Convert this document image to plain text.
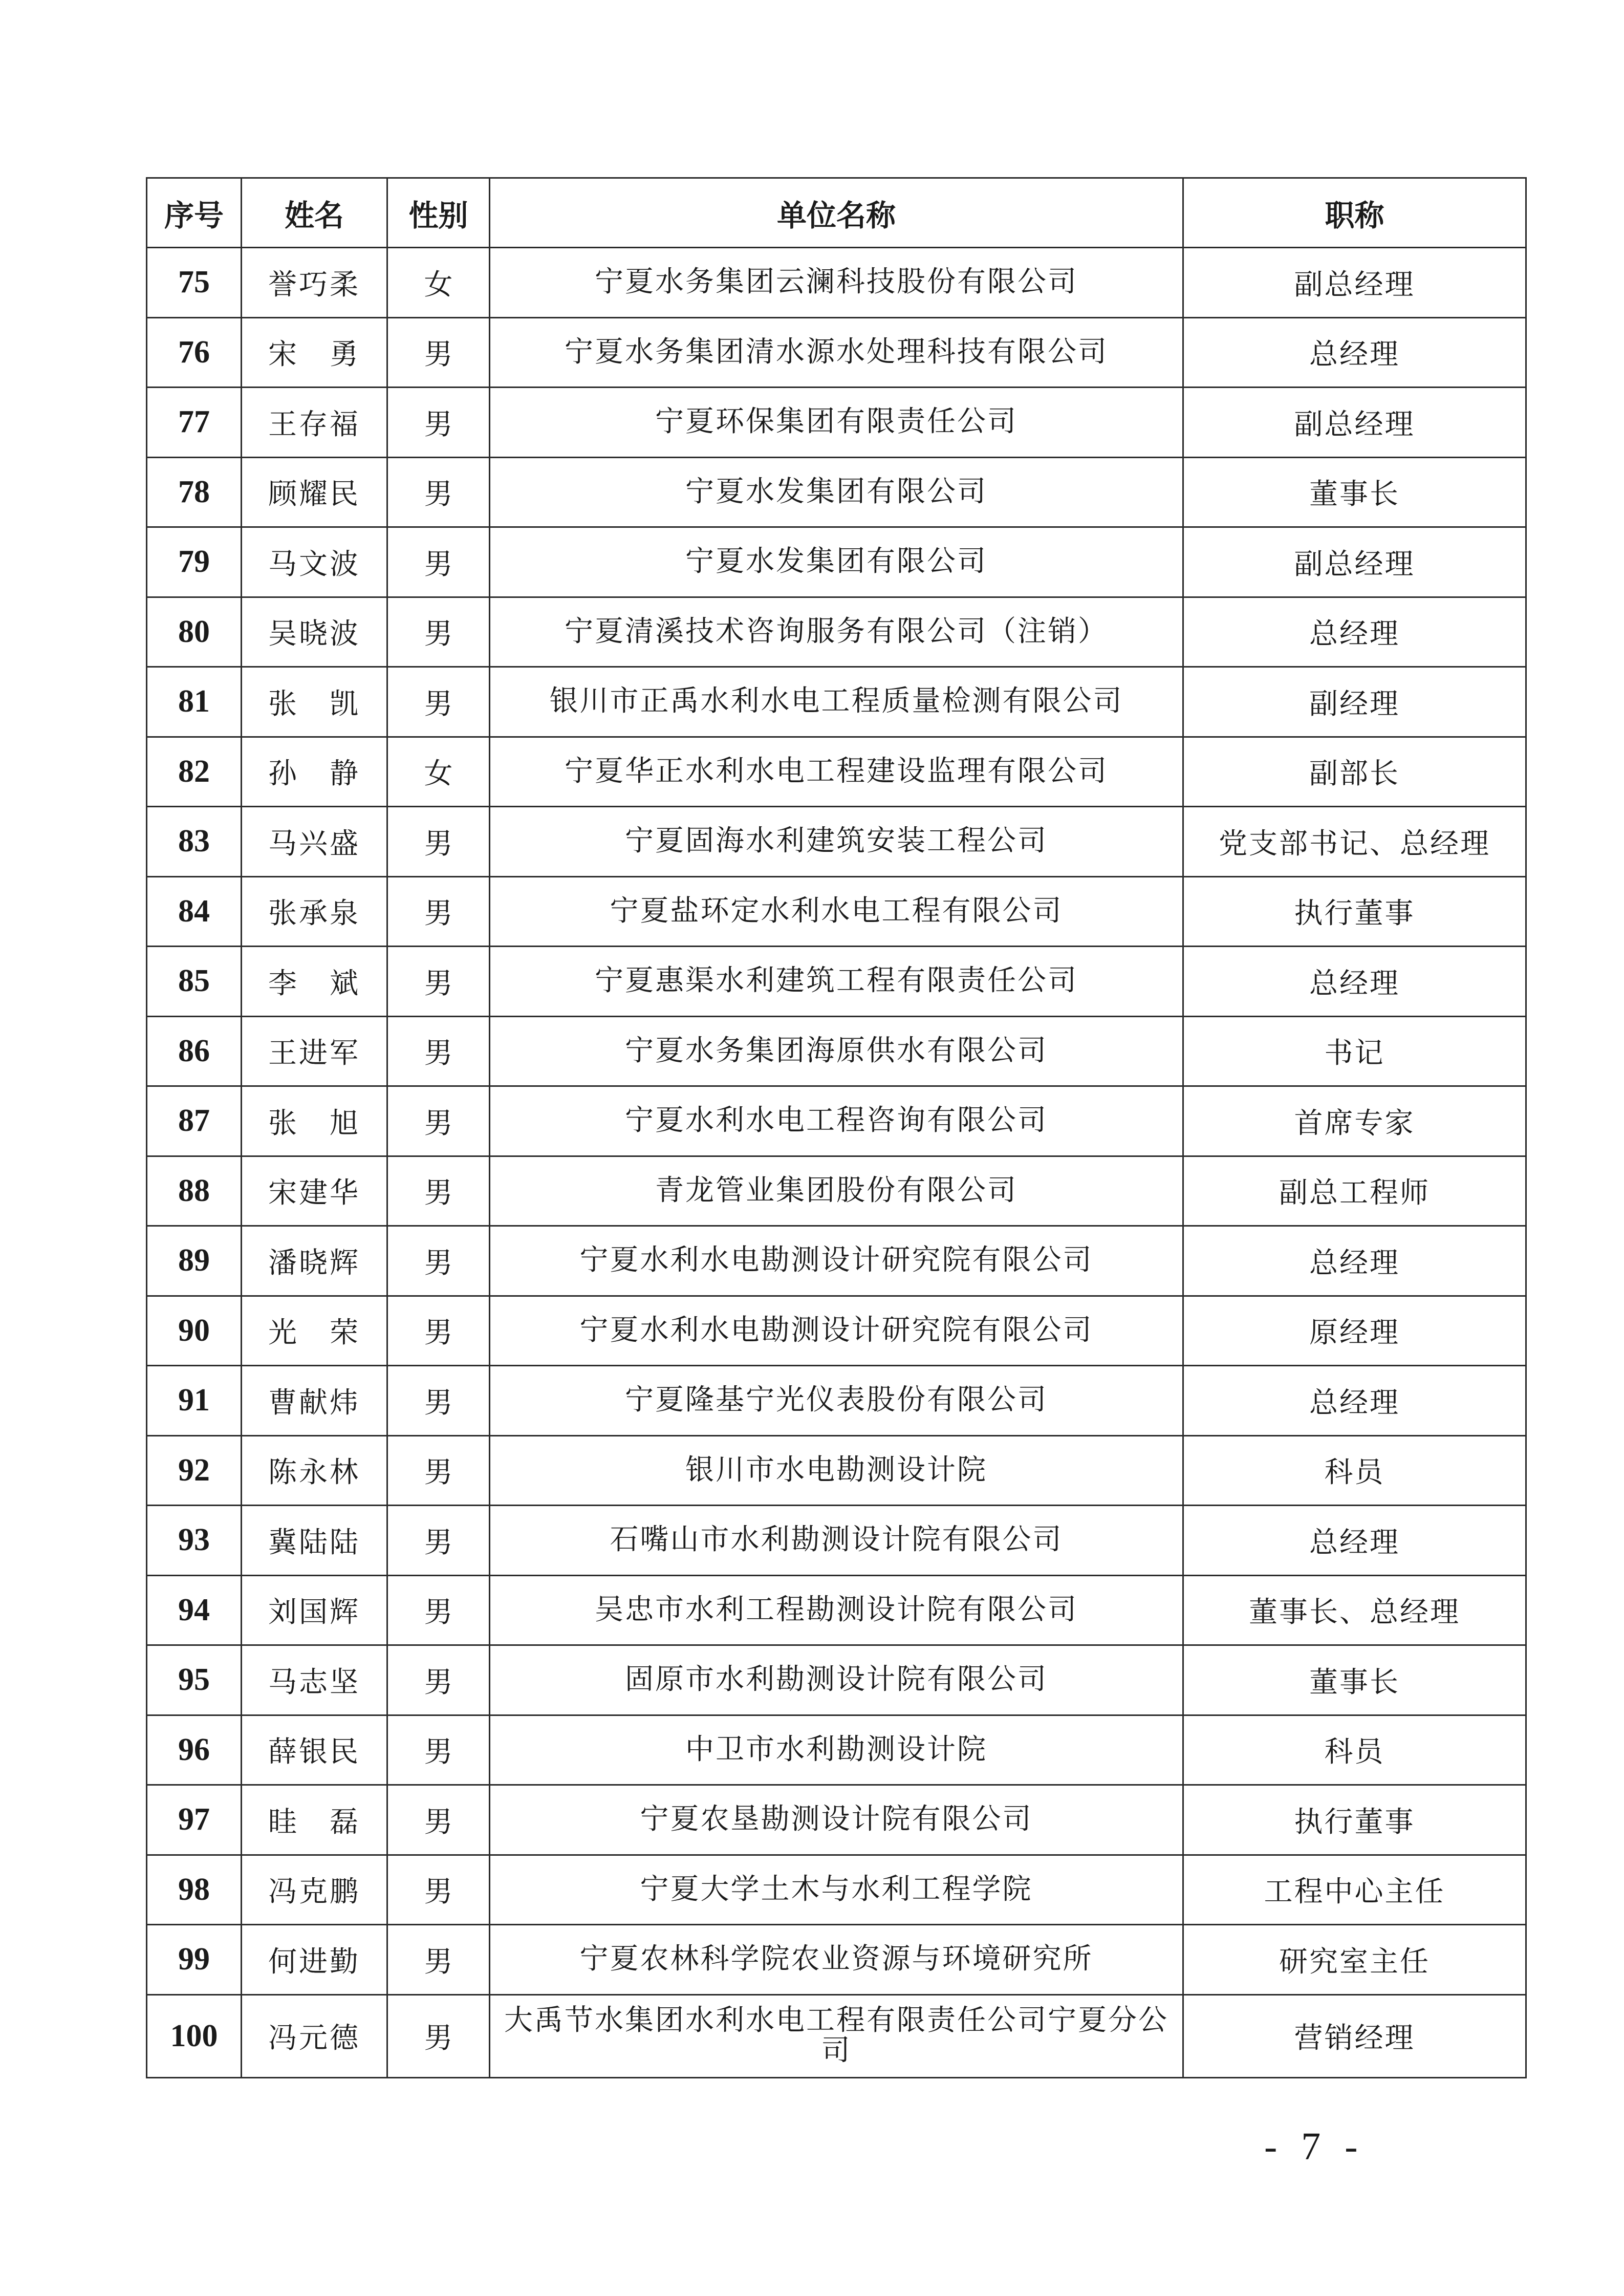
序号	姓名	性别	单位名称	职称
75	誉巧柔	女	宁夏水务集团云澜科技股份有限公司	副总经理
76	宋　勇	男	宁夏水务集团清水源水处理科技有限公司	总经理
77	王存福	男	宁夏环保集团有限责任公司	副总经理
78	顾耀民	男	宁夏水发集团有限公司	董事长
79	马文波	男	宁夏水发集团有限公司	副总经理
80	吴晓波	男	宁夏清溪技术咨询服务有限公司（注销）	总经理
81	张　凯	男	银川市正禹水利水电工程质量检测有限公司	副经理
82	孙　静	女	宁夏华正水利水电工程建设监理有限公司	副部长
83	马兴盛	男	宁夏固海水利建筑安装工程公司	党支部书记、总经理
84	张承泉	男	宁夏盐环定水利水电工程有限公司	执行董事
85	李　斌	男	宁夏惠渠水利建筑工程有限责任公司	总经理
86	王进军	男	宁夏水务集团海原供水有限公司	书记
87	张　旭	男	宁夏水利水电工程咨询有限公司	首席专家
88	宋建华	男	青龙管业集团股份有限公司	副总工程师
89	潘晓辉	男	宁夏水利水电勘测设计研究院有限公司	总经理
90	光　荣	男	宁夏水利水电勘测设计研究院有限公司	原经理
91	曹献炜	男	宁夏隆基宁光仪表股份有限公司	总经理
92	陈永林	男	银川市水电勘测设计院	科员
93	冀陆陆	男	石嘴山市水利勘测设计院有限公司	总经理
94	刘国辉	男	吴忠市水利工程勘测设计院有限公司	董事长、总经理
95	马志坚	男	固原市水利勘测设计院有限公司	董事长
96	薛银民	男	中卫市水利勘测设计院	科员
97	眭　磊	男	宁夏农垦勘测设计院有限公司	执行董事
98	冯克鹏	男	宁夏大学土木与水利工程学院	工程中心主任
99	何进勤	男	宁夏农林科学院农业资源与环境研究所	研究室主任
100	冯元德	男	大禹节水集团水利水电工程有限责任公司宁夏分公司	营销经理
- 7 -
